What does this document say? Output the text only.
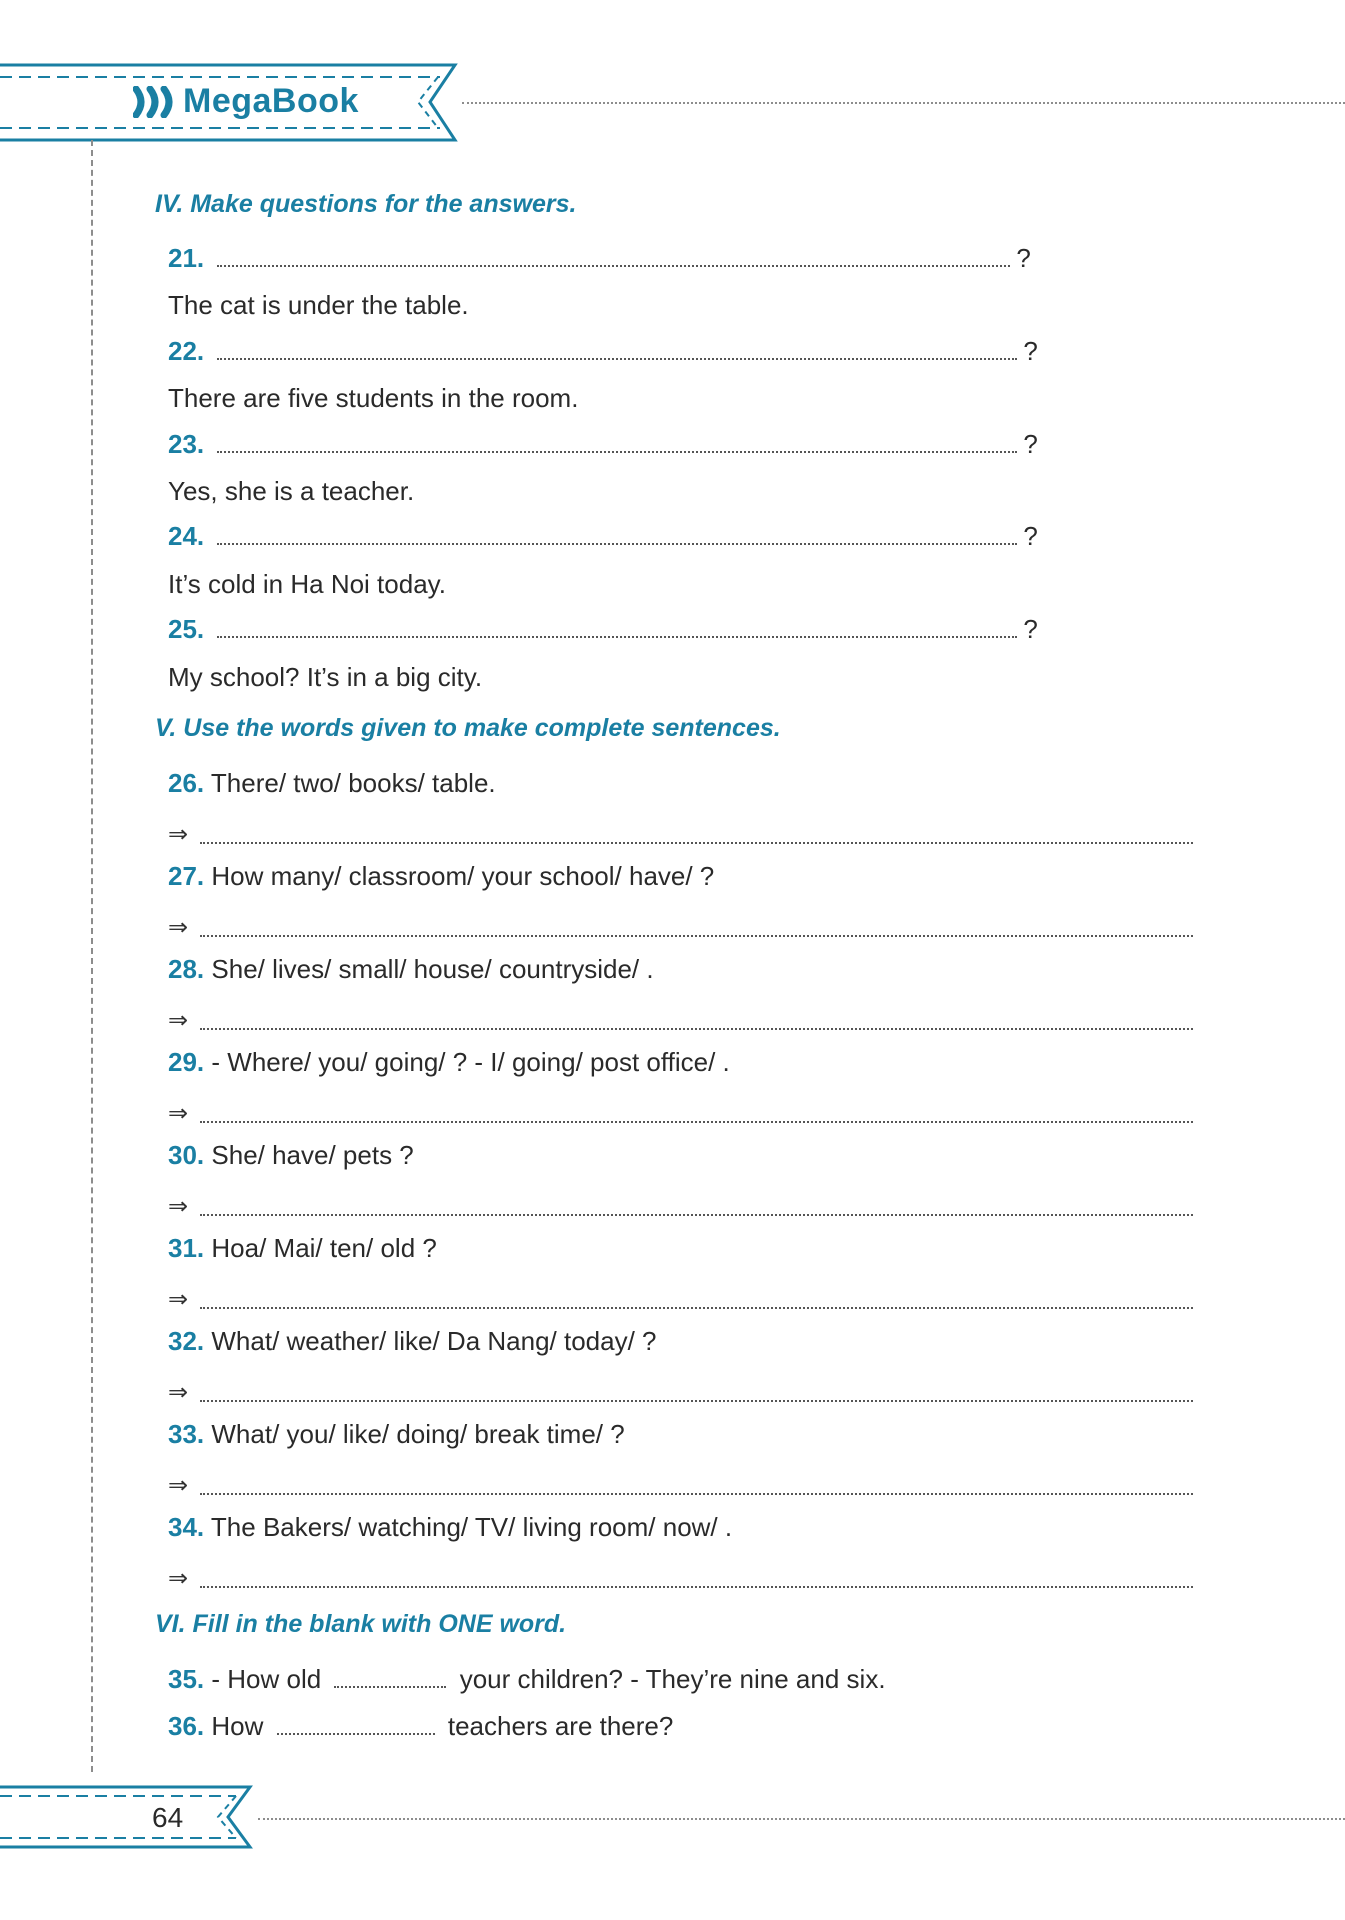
MegaBook
IV. Make questions for the answers.
21.	?
The cat is under the table.
22.	?
There are five students in the room.
23.	?
Yes, she is a teacher.
24.	?
It’s cold in Ha Noi today.
25.	?
My school? It’s in a big city.
V. Use the words given to make complete sentences.
26. There/ two/ books/ table.
⇒
27. How many/ classroom/ your school/ have/ ?
⇒
28. She/ lives/ small/ house/ countryside/ .
⇒
29. - Where/ you/ going/ ? - I/ going/ post office/ .
⇒
30. She/ have/ pets ?
⇒
31. Hoa/ Mai/ ten/ old ?
⇒
32. What/ weather/ like/ Da Nang/ today/ ?
⇒
33. What/ you/ like/ doing/ break time/ ?
⇒
34. The Bakers/ watching/ TV/ living room/ now/ .
⇒
VI. Fill in the blank with ONE word.
35. - How old	your children? - They’re nine and six.
36. How	teachers are there?
64
